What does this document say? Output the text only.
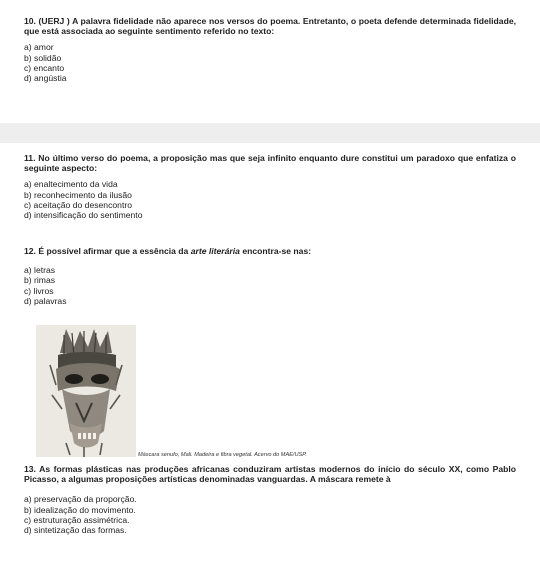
10. (UERJ ) A palavra fidelidade não aparece nos versos do poema. Entretanto, o poeta defende determinada fidelidade, que está associada ao seguinte sentimento referido no texto:

a) amor
b) solidão
c) encanto
d) angústia

11. No último verso do poema, a proposição mas que seja infinito enquanto dure constitui um paradoxo que enfatiza o seguinte aspecto:

a) enaltecimento da vida
b) reconhecimento da ilusão
c) aceitação do desencontro
d) intensificação do sentimento

12. É possível afirmar que a essência da arte literária encontra-se nas:

a) letras
b) rimas
c) livros
d) palavras
Máscara senufo, Mali. Madeira e fibra vegetal. Acervo do MAE/USP.

13. As formas plásticas nas produções africanas conduziram artistas modernos do início do século XX, como Pablo Picasso, a algumas proposições artísticas denominadas vanguardas. A máscara remete à

a) preservação da proporção.
b) idealização do movimento.
c) estruturação assimétrica.
d) sintetização das formas.
